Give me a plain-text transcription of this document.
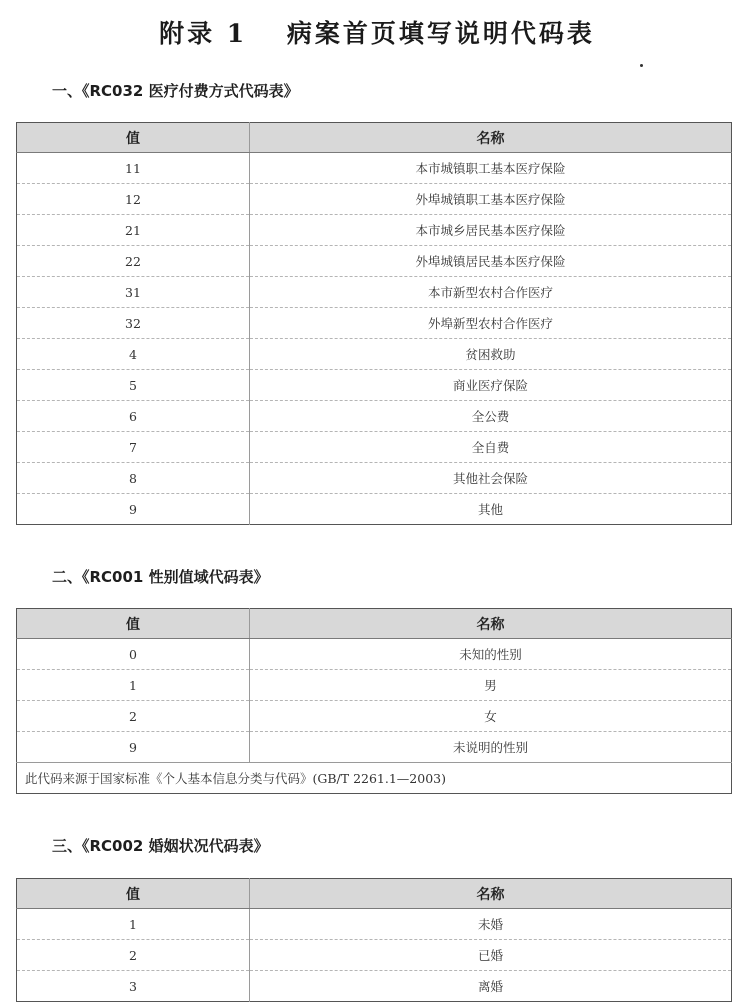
附录 1　 病案首页填写说明代码表
一、《RC032 医疗付费方式代码表》
值	名称
11	本市城镇职工基本医疗保险
12	外埠城镇职工基本医疗保险
21	本市城乡居民基本医疗保险
22	外埠城镇居民基本医疗保险
31	本市新型农村合作医疗
32	外埠新型农村合作医疗
4	贫困救助
5	商业医疗保险
6	全公费
7	全自费
8	其他社会保险
9	其他
二、《RC001 性别值域代码表》
值	名称
0	未知的性别
1	男
2	女
9	未说明的性别
此代码来源于国家标准《个人基本信息分类与代码》(GB/T 2261.1—2003)	
三、《RC002 婚姻状况代码表》
值	名称
1	未婚
2	已婚
3	离婚
